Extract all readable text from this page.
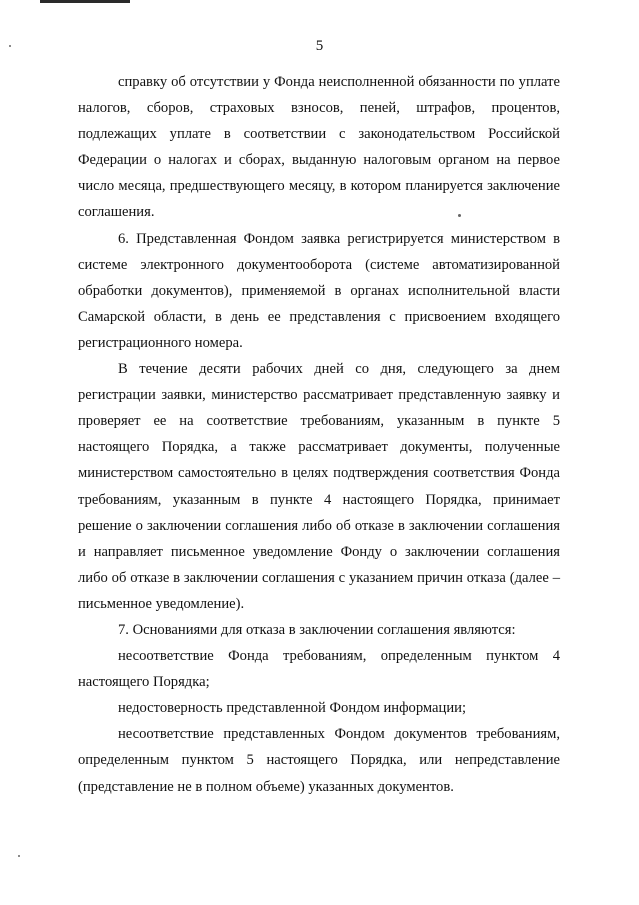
5

справку об отсутствии у Фонда неисполненной обязанности по уплате налогов, сборов, страховых взносов, пеней, штрафов, процентов, подлежащих уплате в соответствии с законодательством Российской Федерации о налогах и сборах, выданную налоговым органом на первое число месяца, предшествующего месяцу, в котором планируется заключение соглашения.

6. Представленная Фондом заявка регистрируется министерством в системе электронного документооборота (системе автоматизированной обработки документов), применяемой в органах исполнительной власти Самарской области, в день ее представления с присвоением входящего регистрационного номера.

В течение десяти рабочих дней со дня, следующего за днем регистрации заявки, министерство рассматривает представленную заявку и проверяет ее на соответствие требованиям, указанным в пункте 5 настоящего Порядка, а также рассматривает документы, полученные министерством самостоятельно в целях подтверждения соответствия Фонда требованиям, указанным в пункте 4 настоящего Порядка, принимает решение о заключении соглашения либо об отказе в заключении соглашения и направляет письменное уведомление Фонду о заключении соглашения либо об отказе в заключении соглашения с указанием причин отказа (далее – письменное уведомление).

7. Основаниями для отказа в заключении соглашения являются:

несоответствие Фонда требованиям, определенным пунктом 4 настоящего Порядка;

недостоверность представленной Фондом информации;

несоответствие представленных Фондом документов требованиям, определенным пунктом 5 настоящего Порядка, или непредставление (представление не в полном объеме) указанных документов.
